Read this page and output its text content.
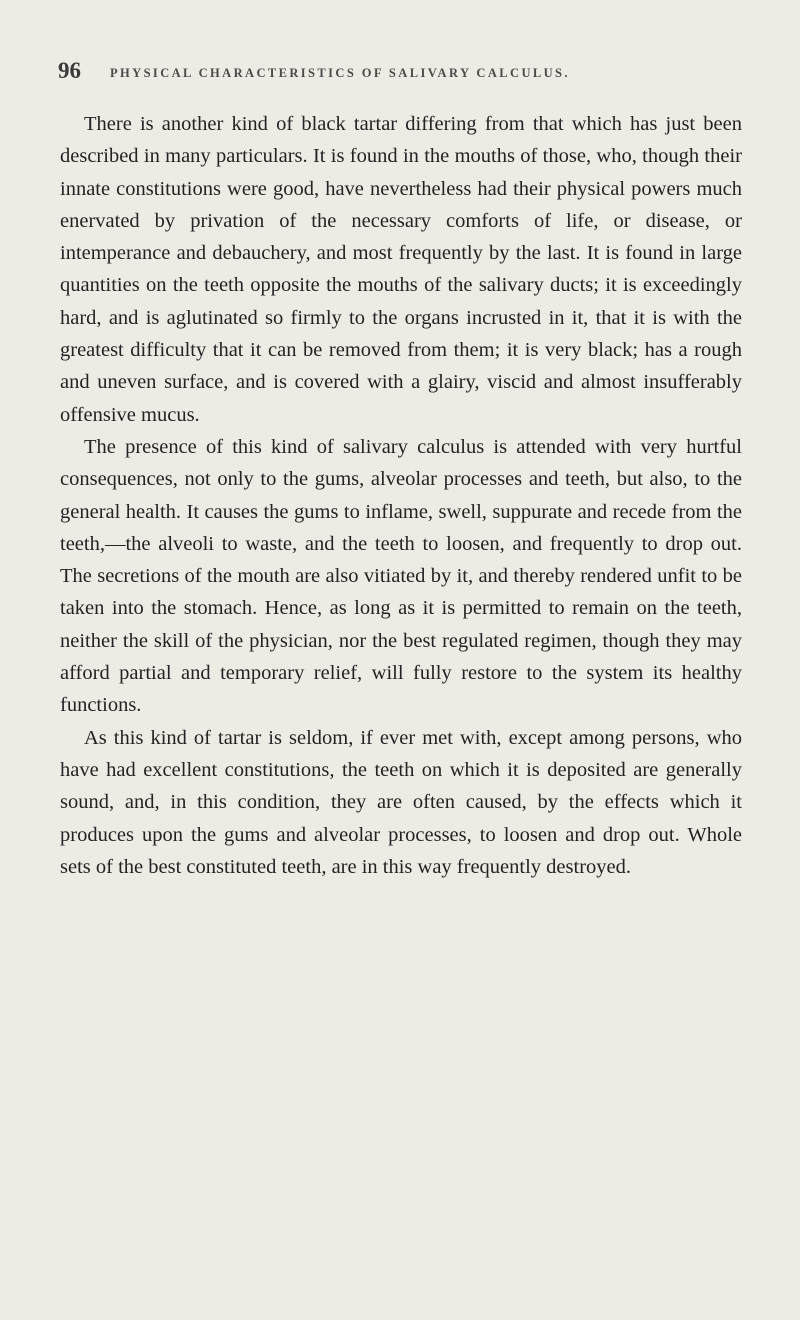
96 PHYSICAL CHARACTERISTICS OF SALIVARY CALCULUS.

There is another kind of black tartar differing from that which has just been described in many particulars. It is found in the mouths of those, who, though their innate constitutions were good, have nevertheless had their physical powers much enervated by privation of the necessary comforts of life, or disease, or intemperance and debauchery, and most frequently by the last. It is found in large quantities on the teeth opposite the mouths of the salivary ducts; it is exceedingly hard, and is aglutinated so firmly to the organs incrusted in it, that it is with the greatest difficulty that it can be removed from them; it is very black; has a rough and uneven surface, and is covered with a glairy, viscid and almost insufferably offensive mucus.

The presence of this kind of salivary calculus is attended with very hurtful consequences, not only to the gums, alveolar processes and teeth, but also, to the general health. It causes the gums to inflame, swell, suppurate and recede from the teeth,—the alveoli to waste, and the teeth to loosen, and frequently to drop out. The secretions of the mouth are also vitiated by it, and thereby rendered unfit to be taken into the stomach. Hence, as long as it is permitted to remain on the teeth, neither the skill of the physician, nor the best regulated regimen, though they may afford partial and temporary relief, will fully restore to the system its healthy functions.

As this kind of tartar is seldom, if ever met with, except among persons, who have had excellent constitutions, the teeth on which it is deposited are generally sound, and, in this condition, they are often caused, by the effects which it produces upon the gums and alveolar processes, to loosen and drop out. Whole sets of the best constituted teeth, are in this way frequently destroyed.
